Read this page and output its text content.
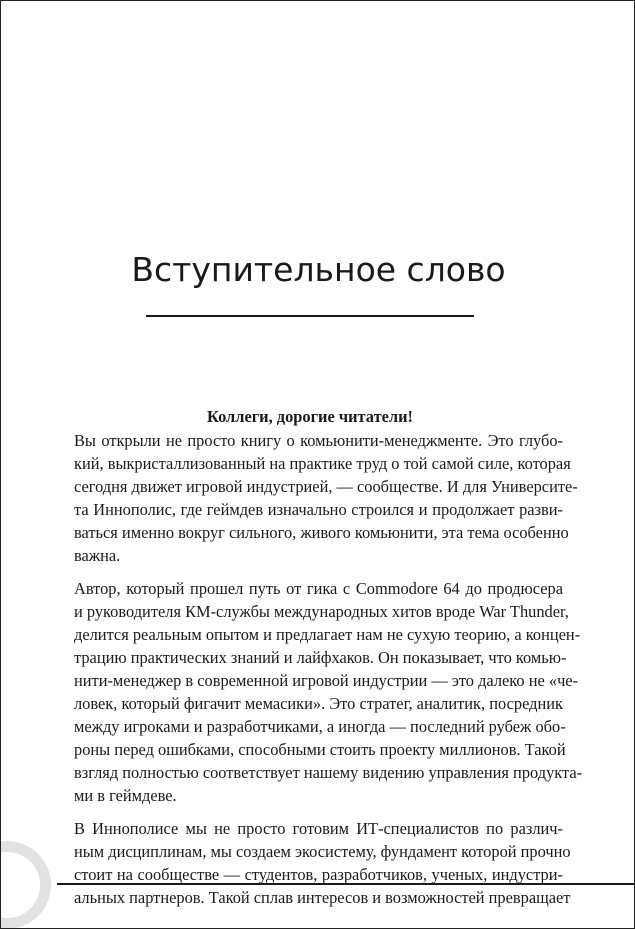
Вступительное слово

Коллеги, дорогие читатели!

Вы открыли не просто книгу о комьюнити-менеджменте. Это глубо-
кий, выкристаллизованный на практике труд о той самой силе, которая
сегодня движет игровой индустрией, — сообществе. И для Университе-
та Иннополис, где геймдев изначально строился и продолжает разви-
ваться именно вокруг сильного, живого комьюнити, эта тема особенно
важна.
Автор, который прошел путь от гика с Commodore 64 до продюсера
и руководителя КМ-службы международных хитов вроде War Thunder,
делится реальным опытом и предлагает нам не сухую теорию, а концен-
трацию практических знаний и лайфхаков. Он показывает, что комью-
нити-менеджер в современной игровой индустрии — это далеко не «че-
ловек, который фигачит мемасики». Это стратег, аналитик, посредник
между игроками и разработчиками, а иногда — последний рубеж обо-
роны перед ошибками, способными стоить проекту миллионов. Такой
взгляд полностью соответствует нашему видению управления продукта-
ми в геймдеве.
В Иннополисе мы не просто готовим ИТ-специалистов по различ-
ным дисциплинам, мы создаем экосистему, фундамент которой прочно
стоит на сообществе — студентов, разработчиков, ученых, индустри-
альных партнеров. Такой сплав интересов и возможностей превращает
